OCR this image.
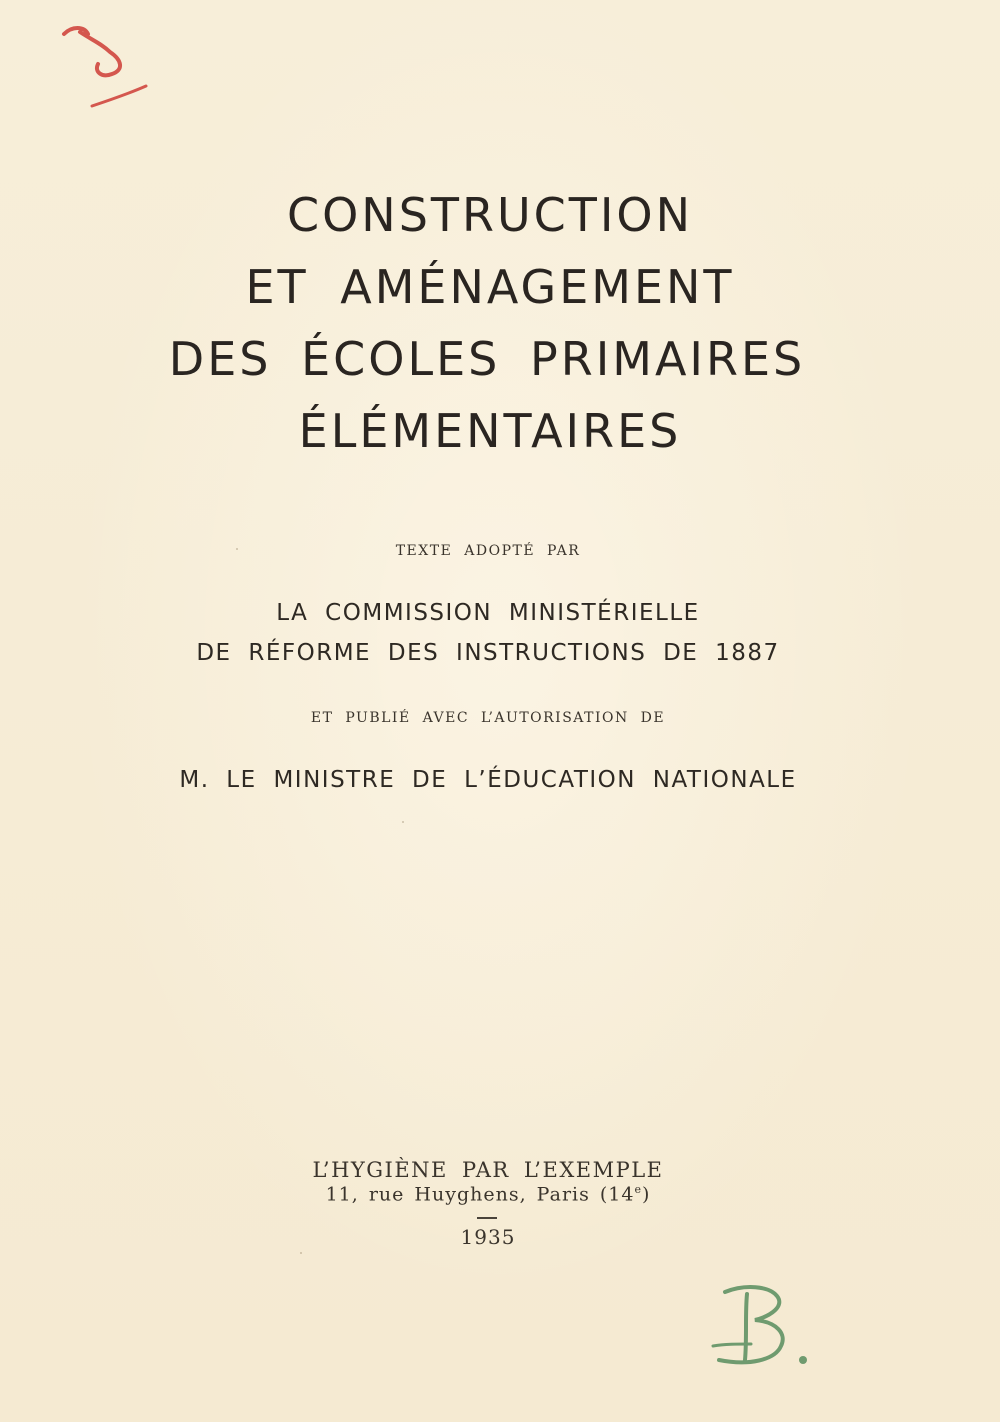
CONSTRUCTION
ET AMÉNAGEMENT
DES ÉCOLES PRIMAIRES
ÉLÉMENTAIRES
TEXTE ADOPTÉ PAR
LA COMMISSION MINISTÉRIELLE
DE RÉFORME DES INSTRUCTIONS DE 1887
ET PUBLIÉ AVEC L’AUTORISATION DE
M. LE MINISTRE DE L’ÉDUCATION NATIONALE
L’HYGIÈNE PAR L’EXEMPLE
11, rue Huyghens, Paris (14e)
1935
